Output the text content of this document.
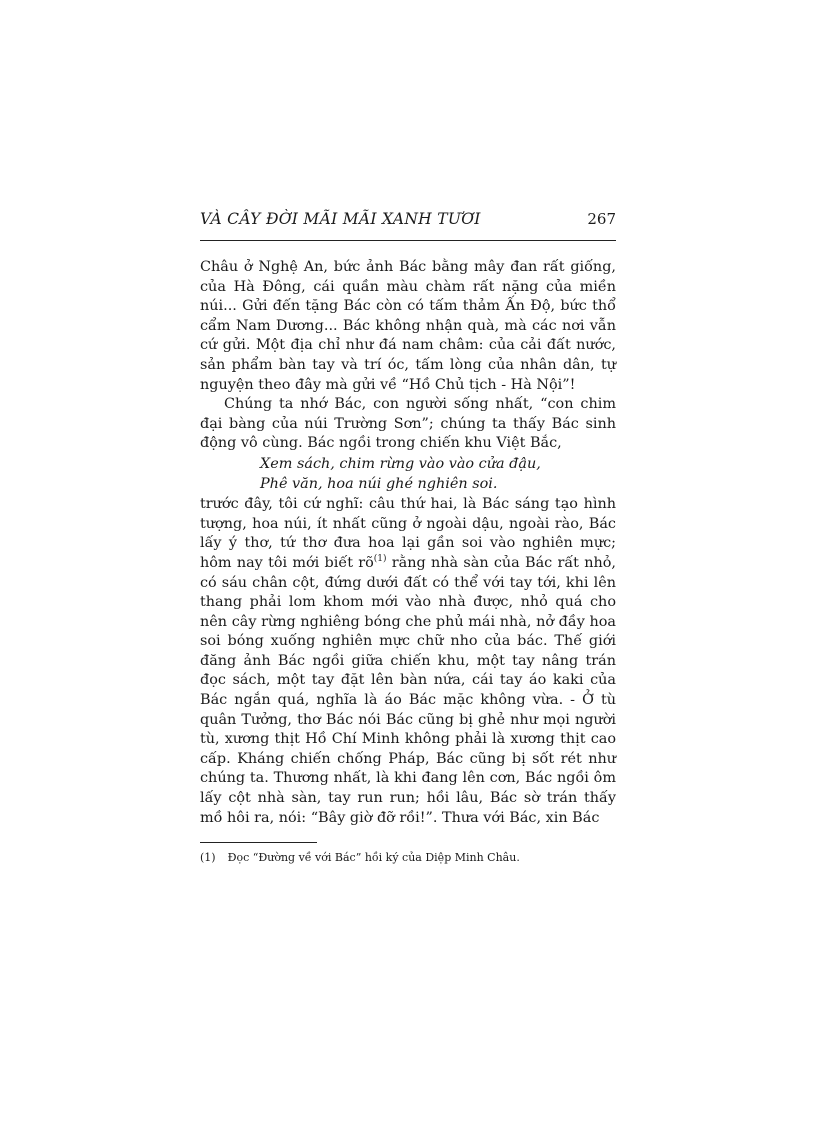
VÀ CÂY ĐỜI MÃI MÃI XANH TƯƠI	267

Châu ở Nghệ An, bức ảnh Bác bằng mây đan rất giống, của Hà Đông, cái quần màu chàm rất nặng của miền núi... Gửi đến tặng Bác còn có tấm thảm Ấn Độ, bức thổ cẩm Nam Dương... Bác không nhận quà, mà các nơi vẫn cứ gửi. Một địa chỉ như đá nam châm: của cải đất nước, sản phẩm bàn tay và trí óc, tấm lòng của nhân dân, tự nguyện theo đây mà gửi về “Hồ Chủ tịch - Hà Nội”!

Chúng ta nhớ Bác, con người sống nhất, “con chim đại bàng của núi Trường Sơn”; chúng ta thấy Bác sinh động vô cùng. Bác ngồi trong chiến khu Việt Bắc,

Xem sách, chim rừng vào vào cửa đậu,
Phê văn, hoa núi ghé nghiên soi.

trước đây, tôi cứ nghĩ: câu thứ hai, là Bác sáng tạo hình tượng, hoa núi, ít nhất cũng ở ngoài dậu, ngoài rào, Bác lấy ý thơ, tứ thơ đưa hoa lại gần soi vào nghiên mực; hôm nay tôi mới biết $rõ^{(1)}$ rằng nhà sàn của Bác rất nhỏ, có sáu chân cột, đứng dưới đất có thể với tay tới, khi lên thang phải lom khom mới vào nhà được, nhỏ quá cho nên cây rừng nghiêng bóng che phủ mái nhà, nở đầy hoa soi bóng xuống nghiên mực chữ nho của bác. Thế giới đăng ảnh Bác ngồi giữa chiến khu, một tay nâng trán đọc sách, một tay đặt lên bàn nứa, cái tay áo kaki của Bác ngắn quá, nghĩa là áo Bác mặc không vừa. - Ở tù quân Tưởng, thơ Bác nói Bác cũng bị ghẻ như mọi người tù, xương thịt Hồ Chí Minh không phải là xương thịt cao cấp. Kháng chiến chống Pháp, Bác cũng bị sốt rét như chúng ta. Thương nhất, là khi đang lên cơn, Bác ngồi ôm lấy cột nhà sàn, tay run run; hồi lâu, Bác sờ trán thấy mồ hôi ra, nói: “Bây giờ đỡ rồi!”. Thưa với Bác, xin Bác

(1) Đọc “Đường về với Bác” hồi ký của Diệp Minh Châu.
